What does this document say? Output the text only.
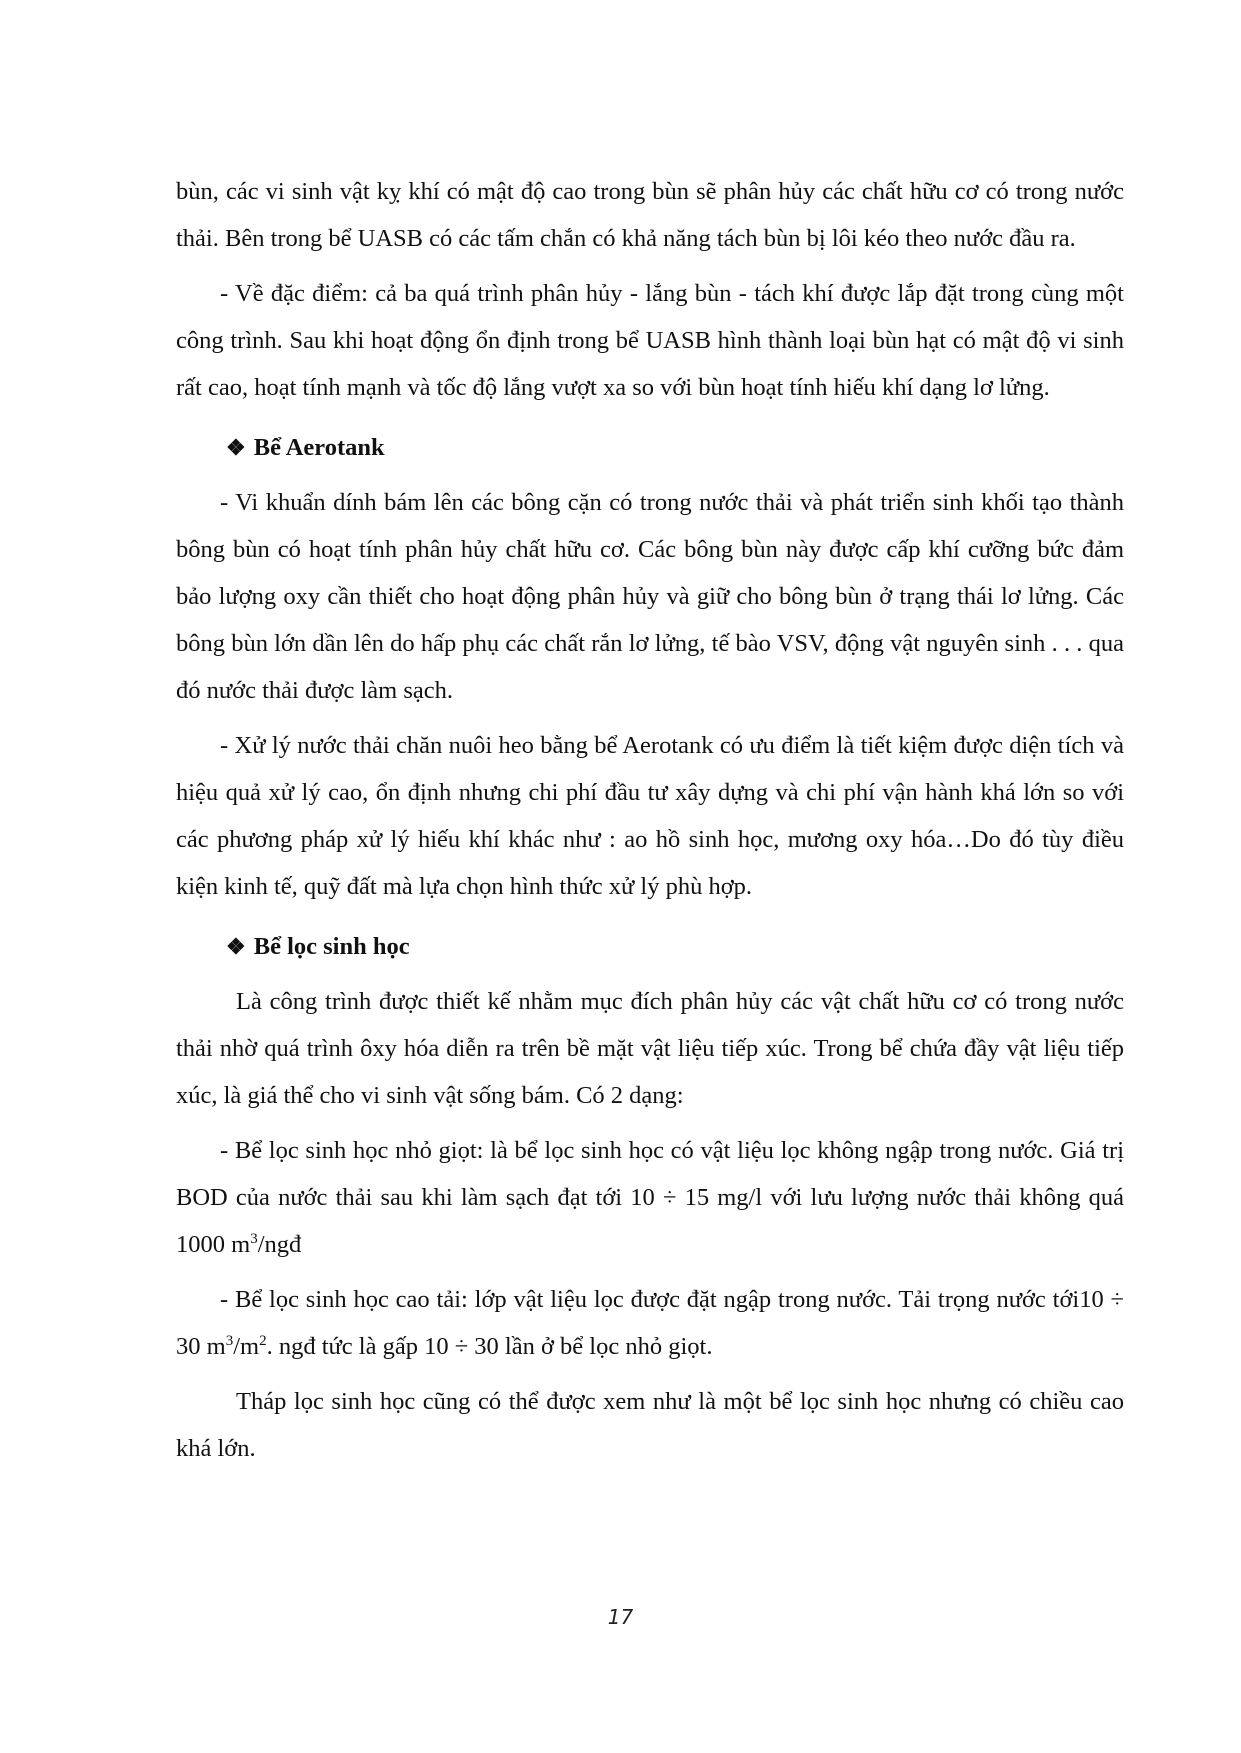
bùn, các vi sinh vật kỵ khí có mật độ cao trong bùn sẽ phân hủy các chất hữu cơ có trong nước thải. Bên trong bể UASB có các tấm chắn có khả năng tách bùn bị lôi kéo theo nước đầu ra.

- Về đặc điểm: cả ba quá trình phân hủy - lắng bùn - tách khí được lắp đặt trong cùng một công trình. Sau khi hoạt động ổn định trong bể UASB hình thành loại bùn hạt có mật độ vi sinh rất cao, hoạt tính mạnh và tốc độ lắng vượt xa so với bùn hoạt tính hiếu khí dạng lơ lửng.

❖ Bể Aerotank

- Vi khuẩn dính bám lên các bông cặn có trong nước thải và phát triển sinh khối tạo thành bông bùn có hoạt tính phân hủy chất hữu cơ. Các bông bùn này được cấp khí cưỡng bức đảm bảo lượng oxy cần thiết cho hoạt động phân hủy và giữ cho bông bùn ở trạng thái lơ lửng. Các bông bùn lớn dần lên do hấp phụ các chất rắn lơ lửng, tế bào VSV, động vật nguyên sinh . . . qua đó nước thải được làm sạch.

- Xử lý nước thải chăn nuôi heo bằng bể Aerotank có ưu điểm là tiết kiệm được diện tích và hiệu quả xử lý cao, ổn định nhưng chi phí đầu tư xây dựng và chi phí vận hành khá lớn so với các phương pháp xử lý hiếu khí khác như : ao hồ sinh học, mương oxy hóa…Do đó tùy điều kiện kinh tế, quỹ đất mà lựa chọn hình thức xử lý phù hợp.

❖ Bể lọc sinh học

Là công trình được thiết kế nhằm mục đích phân hủy các vật chất hữu cơ có trong nước thải nhờ quá trình ôxy hóa diễn ra trên bề mặt vật liệu tiếp xúc. Trong bể chứa đầy vật liệu tiếp xúc, là giá thể cho vi sinh vật sống bám. Có 2 dạng:

- Bể lọc sinh học nhỏ giọt: là bể lọc sinh học có vật liệu lọc không ngập trong nước. Giá trị BOD của nước thải sau khi làm sạch đạt tới 10 ÷ 15 mg/l với lưu lượng nước thải không quá 1000 $m^3$/ngđ

- Bể lọc sinh học cao tải: lớp vật liệu lọc được đặt ngập trong nước. Tải trọng nước tới10 ÷ 30 $m^3/m^2$. ngđ tức là gấp 10 ÷ 30 lần ở bể lọc nhỏ giọt.

Tháp lọc sinh học cũng có thể được xem như là một bể lọc sinh học nhưng có chiều cao khá lớn.

17
